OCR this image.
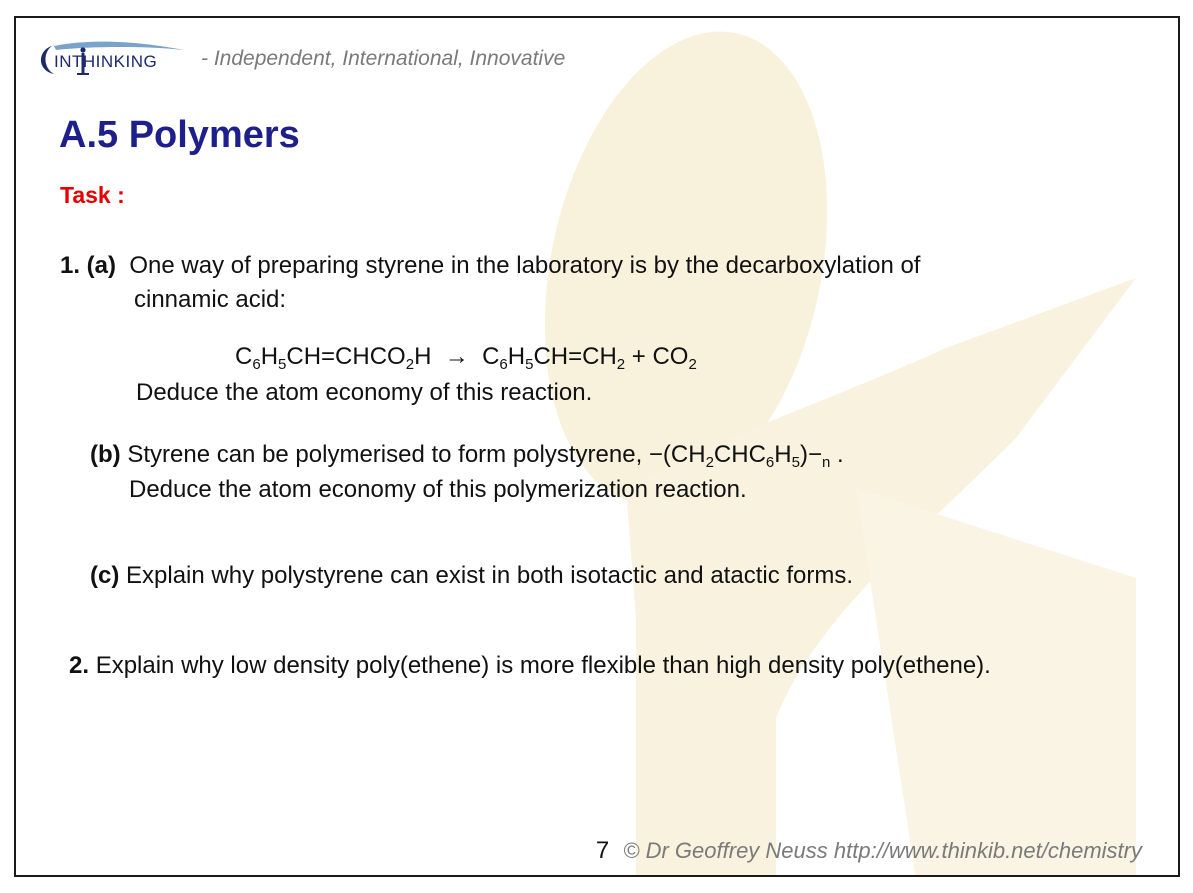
INTHINKING - Independent, International, Innovative
A.5 Polymers
Task :
1. (a) One way of preparing styrene in the laboratory is by the decarboxylation of
cinnamic acid:
$C_6H_5CH=CHCO_2H \to C_6H_5CH=CH_2 + CO_2$
Deduce the atom economy of this reaction.
(b) Styrene can be polymerised to form polystyrene, $-(CH_2CHC_6H_5)-_n$ .
Deduce the atom economy of this polymerization reaction.
(c) Explain why polystyrene can exist in both isotactic and atactic forms.
2. Explain why low density poly(ethene) is more flexible than high density poly(ethene).
7 © Dr Geoffrey Neuss http://www.thinkib.net/chemistry
